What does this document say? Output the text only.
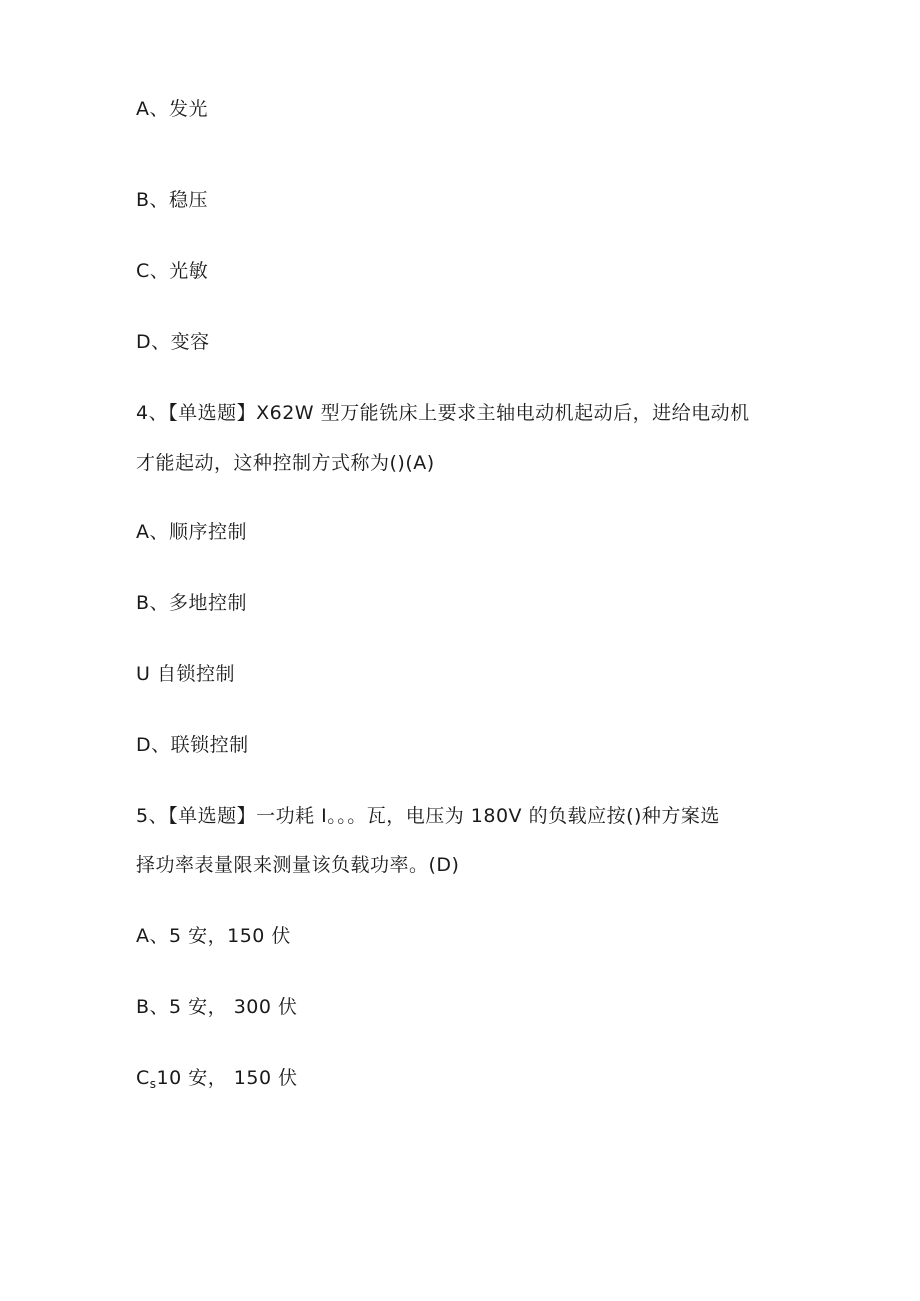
A、发光
B、稳压
C、光敏
D、变容
4、【单选题】X62W 型万能铣床上要求主轴电动机起动后，进给电动机
才能起动，这种控制方式称为()(A)
A、顺序控制
B、多地控制
U 自锁控制
D、联锁控制
5、【单选题】一功耗 I。。。瓦，电压为 180V 的负载应按()种方案选
择功率表量限来测量该负载功率。(D)
A、5 安，150 伏
B、5 安， 300 伏
$C_s10$ 安， 150 伏
